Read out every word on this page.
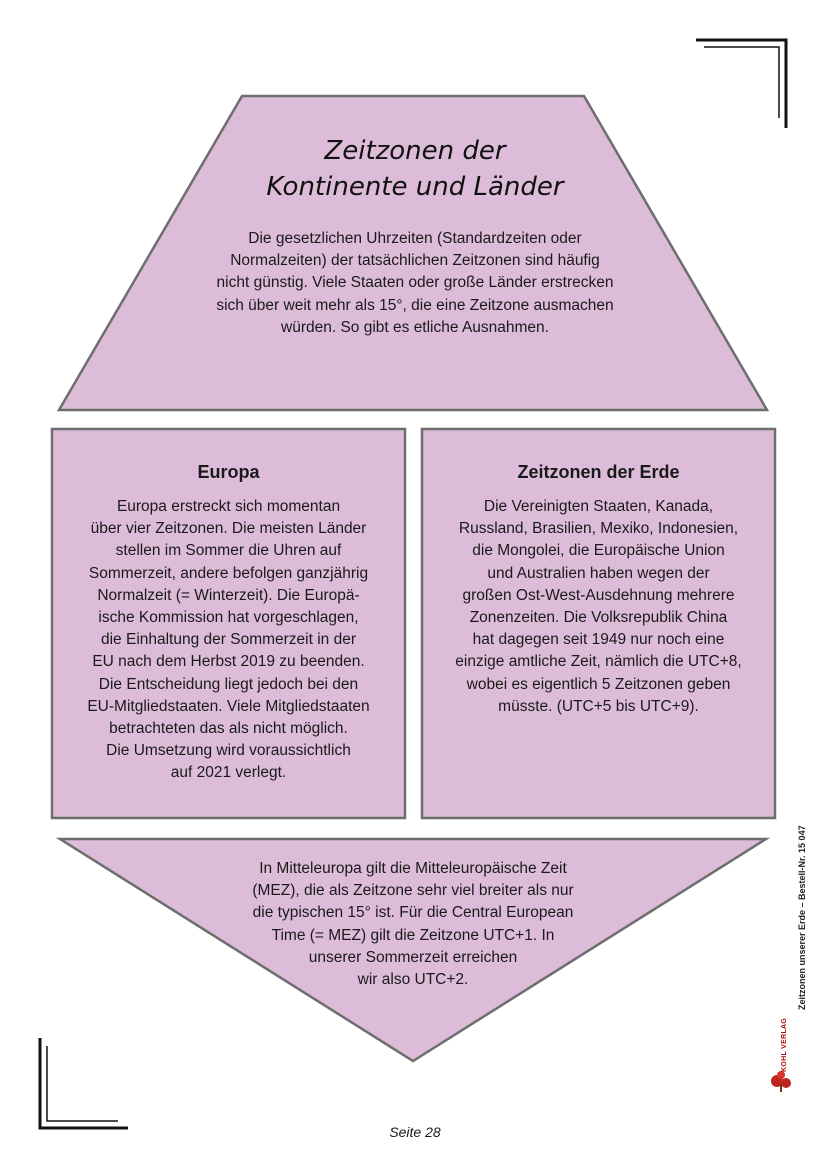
Zeitzonen der
Kontinente und Länder
Die gesetzlichen Uhrzeiten (Standardzeiten oder
Normalzeiten) der tatsächlichen Zeitzonen sind häufig
nicht günstig. Viele Staaten oder große Länder erstrecken
sich über weit mehr als 15°, die eine Zeitzone ausmachen
würden. So gibt es etliche Ausnahmen.
Europa
Europa erstreckt sich momentan
über vier Zeitzonen. Die meisten Länder
stellen im Sommer die Uhren auf
Sommerzeit, andere befolgen ganzjährig
Normalzeit (= Winterzeit). Die Europä-
ische Kommission hat vorgeschlagen,
die Einhaltung der Sommerzeit in der
EU nach dem Herbst 2019 zu beenden.
Die Entscheidung liegt jedoch bei den
EU-Mitgliedstaaten. Viele Mitgliedstaaten
betrachteten das als nicht möglich.
Die Umsetzung wird voraussichtlich
auf 2021 verlegt.
Zeitzonen der Erde
Die Vereinigten Staaten, Kanada,
Russland, Brasilien, Mexiko, Indonesien,
die Mongolei, die Europäische Union
und Australien haben wegen der
großen Ost-West-Ausdehnung mehrere
Zonenzeiten. Die Volksrepublik China
hat dagegen seit 1949 nur noch eine
einzige amtliche Zeit, nämlich die UTC+8,
wobei es eigentlich 5 Zeitzonen geben
müsste. (UTC+5 bis UTC+9).
In Mitteleuropa gilt die Mitteleuropäische Zeit
(MEZ), die als Zeitzone sehr viel breiter als nur
die typischen 15° ist. Für die Central European
Time (= MEZ) gilt die Zeitzone UTC+1. In
unserer Sommerzeit erreichen
wir also UTC+2.	Zeitzonen unserer Erde – Bestell-Nr. 15 047
KOHL VERLAG
Seite 28
